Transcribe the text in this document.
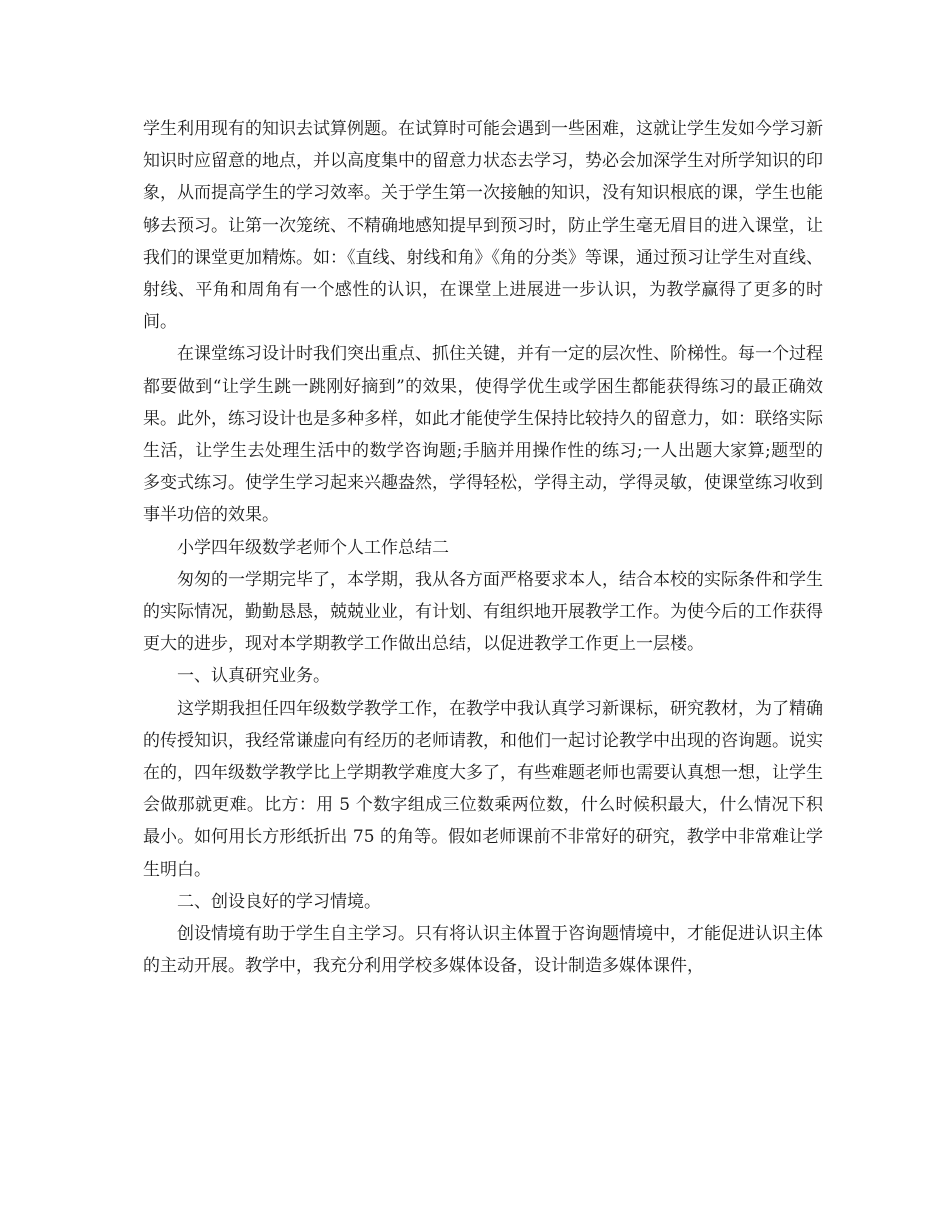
学生利用现有的知识去试算例题。在试算时可能会遇到一些困难，这就让学生发如今学习新知识时应留意的地点，并以高度集中的留意力状态去学习，势必会加深学生对所学知识的印象，从而提高学生的学习效率。关于学生第一次接触的知识，没有知识根底的课，学生也能够去预习。让第一次笼统、不精确地感知提早到预习时，防止学生毫无眉目的进入课堂，让我们的课堂更加精炼。如：《直线、射线和角》《角的分类》等课，通过预习让学生对直线、射线、平角和周角有一个感性的认识，在课堂上进展进一步认识，为教学赢得了更多的时间。

在课堂练习设计时我们突出重点、抓住关键，并有一定的层次性、阶梯性。每一个过程都要做到“让学生跳一跳刚好摘到”的效果，使得学优生或学困生都能获得练习的最正确效果。此外，练习设计也是多种多样，如此才能使学生保持比较持久的留意力，如：联络实际生活，让学生去处理生活中的数学咨询题;手脑并用操作性的练习;一人出题大家算;题型的多变式练习。使学生学习起来兴趣盎然，学得轻松，学得主动，学得灵敏，使课堂练习收到事半功倍的效果。

小学四年级数学老师个人工作总结二

匆匆的一学期完毕了，本学期，我从各方面严格要求本人，结合本校的实际条件和学生的实际情况，勤勤恳恳，兢兢业业，有计划、有组织地开展教学工作。为使今后的工作获得更大的进步，现对本学期教学工作做出总结，以促进教学工作更上一层楼。

一、认真研究业务。

这学期我担任四年级数学教学工作，在教学中我认真学习新课标，研究教材，为了精确的传授知识，我经常谦虚向有经历的老师请教，和他们一起讨论教学中出现的咨询题。说实在的，四年级数学教学比上学期教学难度大多了，有些难题老师也需要认真想一想，让学生会做那就更难。比方：用 5 个数字组成三位数乘两位数，什么时候积最大，什么情况下积最小。如何用长方形纸折出 75 的角等。假如老师课前不非常好的研究，教学中非常难让学生明白。

二、创设良好的学习情境。

创设情境有助于学生自主学习。只有将认识主体置于咨询题情境中，才能促进认识主体的主动开展。教学中，我充分利用学校多媒体设备，设计制造多媒体课件，
